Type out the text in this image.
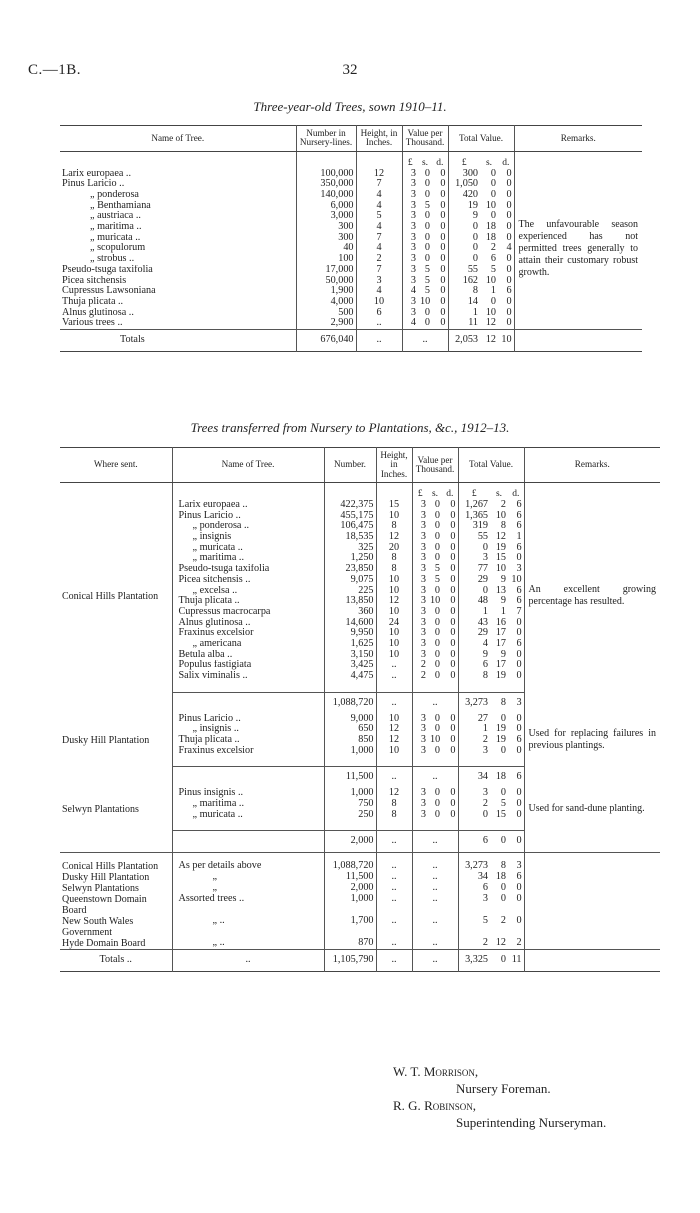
C.—1B.	32
Three-year-old Trees, sown 1910–11.
Name of Tree.	Number in Nursery-lines.	Height, in Inches.	Value per Thousand.			Total Value.			Remarks.
			£	s.	d.	£	s.	d.	
Larix europaea ..	100,000	12	3	0	0	300	0	0	The unfavourable season experienced has not permitted trees generally to attain their customary robust growth.
Pinus Laricio ..	350,000	7	3	0	0	1,050	0	0	
„ ponderosa	140,000	4	3	0	0	420	0	0	
„ Benthamiana	6,000	4	3	5	0	19	10	0	
„ austriaca ..	3,000	5	3	0	0	9	0	0	
„ maritima ..	300	4	3	0	0	0	18	0	
„ muricata ..	300	7	3	0	0	0	18	0	
„ scopulorum	40	4	3	0	0	0	2	4	
„ strobus ..	100	2	3	0	0	0	6	0	
Pseudo-tsuga taxifolia	17,000	7	3	5	0	55	5	0	
Picea sitchensis	50,000	3	3	5	0	162	10	0	
Cupressus Lawsoniana	1,900	4	4	5	0	8	1	6	
Thuja plicata ..	4,000	10	3	10	0	14	0	0	
Alnus glutinosa ..	500	6	3	0	0	1	10	0	
Various trees ..	2,900	..	4	0	0	11	12	0	
Totals	676,040	..	..			2,053	12	10	
Trees transferred from Nursery to Plantations, &c., 1912–13.
Where sent.	Name of Tree.	Number.	Height, in Inches.	Value per Thousand.			Total Value.			Remarks.
				£	s.	d.	£	s.	d.	
Conical Hills Plantation	Larix europaea ..	422,375	15	3	0	0	1,267	2	6	An excellent growing percentage has resulted.
	Pinus Laricio ..	455,175	10	3	0	0	1,365	10	6	
	„ ponderosa ..	106,475	8	3	0	0	319	8	6	
	„ insignis	18,535	12	3	0	0	55	12	1	
	„ muricata ..	325	20	3	0	0	0	19	6	
	„ maritima ..	1,250	8	3	0	0	3	15	0	
	Pseudo-tsuga taxifolia	23,850	8	3	5	0	77	10	3	
	Picea sitchensis ..	9,075	10	3	5	0	29	9	10	
	„ excelsa ..	225	10	3	0	0	0	13	6	
	Thuja plicata ..	13,850	12	3	10	0	48	9	6	
	Cupressus macrocarpa	360	10	3	0	0	1	1	7	
	Alnus glutinosa ..	14,600	24	3	0	0	43	16	0	
	Fraxinus excelsior	9,950	10	3	0	0	29	17	0	
	„ americana	1,625	10	3	0	0	4	17	6	
	Betula alba ..	3,150	10	3	0	0	9	9	0	
	Populus fastigiata	3,425	..	2	0	0	6	17	0	
	Salix viminalis ..	4,475	..	2	0	0	8	19	0	
		1,088,720	..	..			3,273	8	3	
Dusky Hill Plantation	Pinus Laricio ..	9,000	10	3	0	0	27	0	0	Used for replacing failures in previous plantings.
	„ insignis ..	650	12	3	0	0	1	19	0	
	Thuja plicata ..	850	12	3	10	0	2	19	6	
	Fraxinus excelsior	1,000	10	3	0	0	3	0	0	
		11,500	..	..			34	18	6	
Selwyn Plantations	Pinus insignis ..	1,000	12	3	0	0	3	0	0	Used for sand-dune planting.
	„ maritima ..	750	8	3	0	0	2	5	0	
	„ muricata ..	250	8	3	0	0	0	15	0	
		2,000	..	..			6	0	0	
Conical Hills Plantation	As per details above	1,088,720	..	..			3,273	8	3	
Dusky Hill Plantation	„	11,500	..	..			34	18	6	
Selwyn Plantations	„	2,000	..	..			6	0	0	
Queenstown Domain Board	Assorted trees ..	1,000	..	..			3	0	0	
New South Wales Government	„ ..	1,700	..	..			5	2	0	
Hyde Domain Board	„ ..	870	..	..			2	12	2	
Totals ..	..	1,105,790	..	..			3,325	0	11	
W. T. Morrison,
Nursery Foreman.
R. G. Robinson,
Superintending Nurseryman.
